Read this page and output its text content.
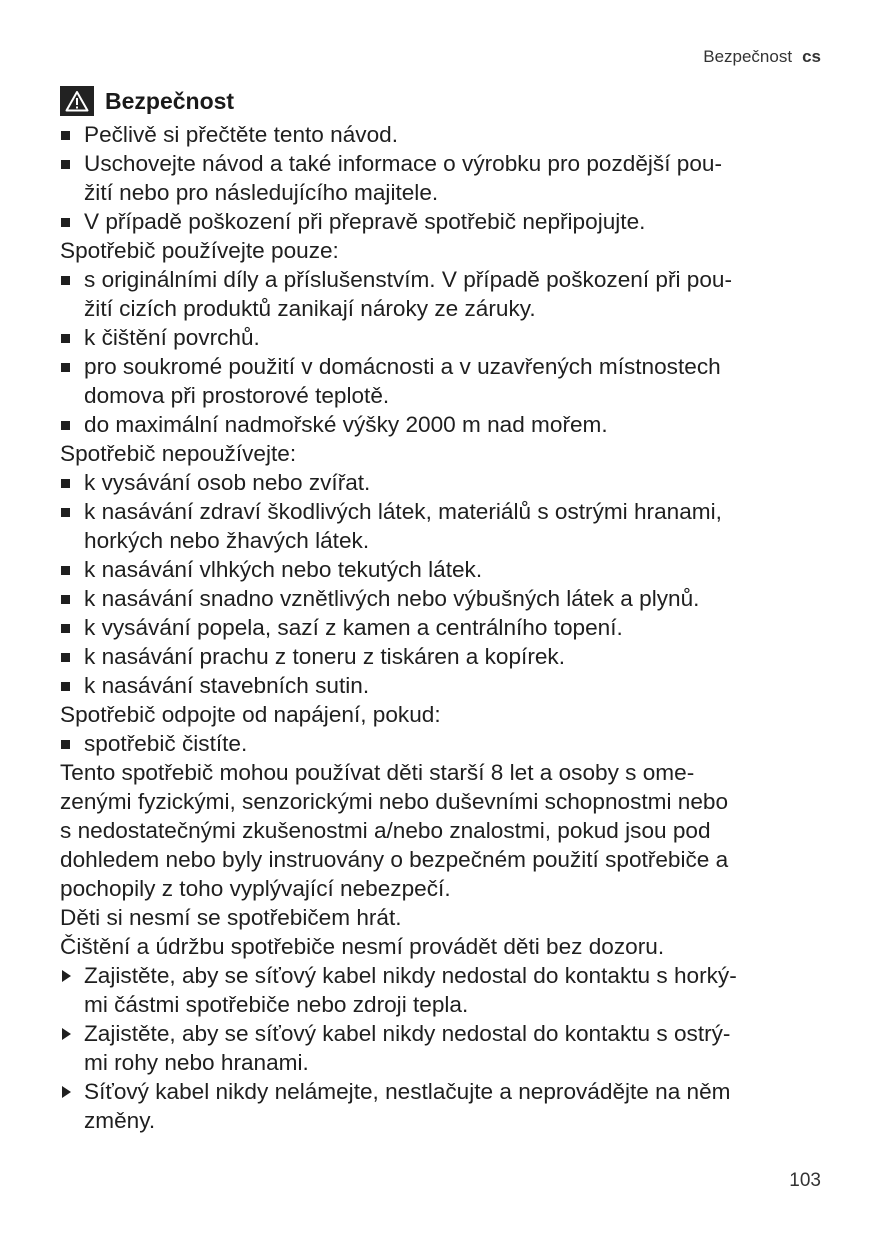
Bezpečnost cs
Bezpečnost
Pečlivě si přečtěte tento návod.
Uschovejte návod a také informace o výrobku pro pozdější pou-
žití nebo pro následujícího majitele.
V případě poškození při přepravě spotřebič nepřipojujte.
Spotřebič používejte pouze:
s originálními díly a příslušenstvím. V případě poškození při pou-
žití cizích produktů zanikají nároky ze záruky.
k čištění povrchů.
pro soukromé použití v domácnosti a v uzavřených místnostech
domova při prostorové teplotě.
do maximální nadmořské výšky 2000 m nad mořem.
Spotřebič nepoužívejte:
k vysávání osob nebo zvířat.
k nasávání zdraví škodlivých látek, materiálů s ostrými hranami,
horkých nebo žhavých látek.
k nasávání vlhkých nebo tekutých látek.
k nasávání snadno vznětlivých nebo výbušných látek a plynů.
k vysávání popela, sazí z kamen a centrálního topení.
k nasávání prachu z toneru z tiskáren a kopírek.
k nasávání stavebních sutin.
Spotřebič odpojte od napájení, pokud:
spotřebič čistíte.
Tento spotřebič mohou používat děti starší 8 let a osoby s ome-
zenými fyzickými, senzorickými nebo duševními schopnostmi nebo
s nedostatečnými zkušenostmi a/nebo znalostmi, pokud jsou pod
dohledem nebo byly instruovány o bezpečném použití spotřebiče a
pochopily z toho vyplývající nebezpečí.
Děti si nesmí se spotřebičem hrát.
Čištění a údržbu spotřebiče nesmí provádět děti bez dozoru.
Zajistěte, aby se síťový kabel nikdy nedostal do kontaktu s horký-
mi částmi spotřebiče nebo zdroji tepla.
Zajistěte, aby se síťový kabel nikdy nedostal do kontaktu s ostrý-
mi rohy nebo hranami.
Síťový kabel nikdy nelámejte, nestlačujte a neprovádějte na něm
změny.
103
